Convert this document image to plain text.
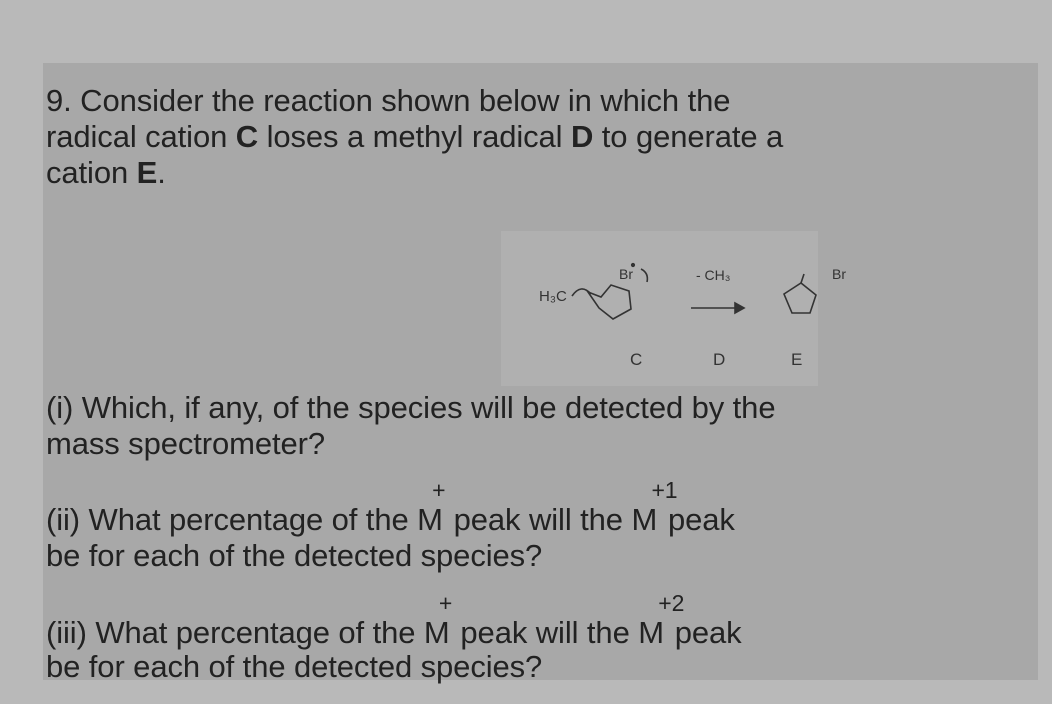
9. Consider the reaction shown below in which the

radical cation C loses a methyl radical D to generate a

cation E.

H₃C
Br	- CH₃	Br
C	D	E

(i) Which, if any, of the species will be detected by the

mass spectrometer?

(ii) What percentage of the M
+
peak will the M
+1
peak

be for each of the detected species?

(iii) What percentage of the M
+
peak will the M
+2
peak

be for each of the detected species?
